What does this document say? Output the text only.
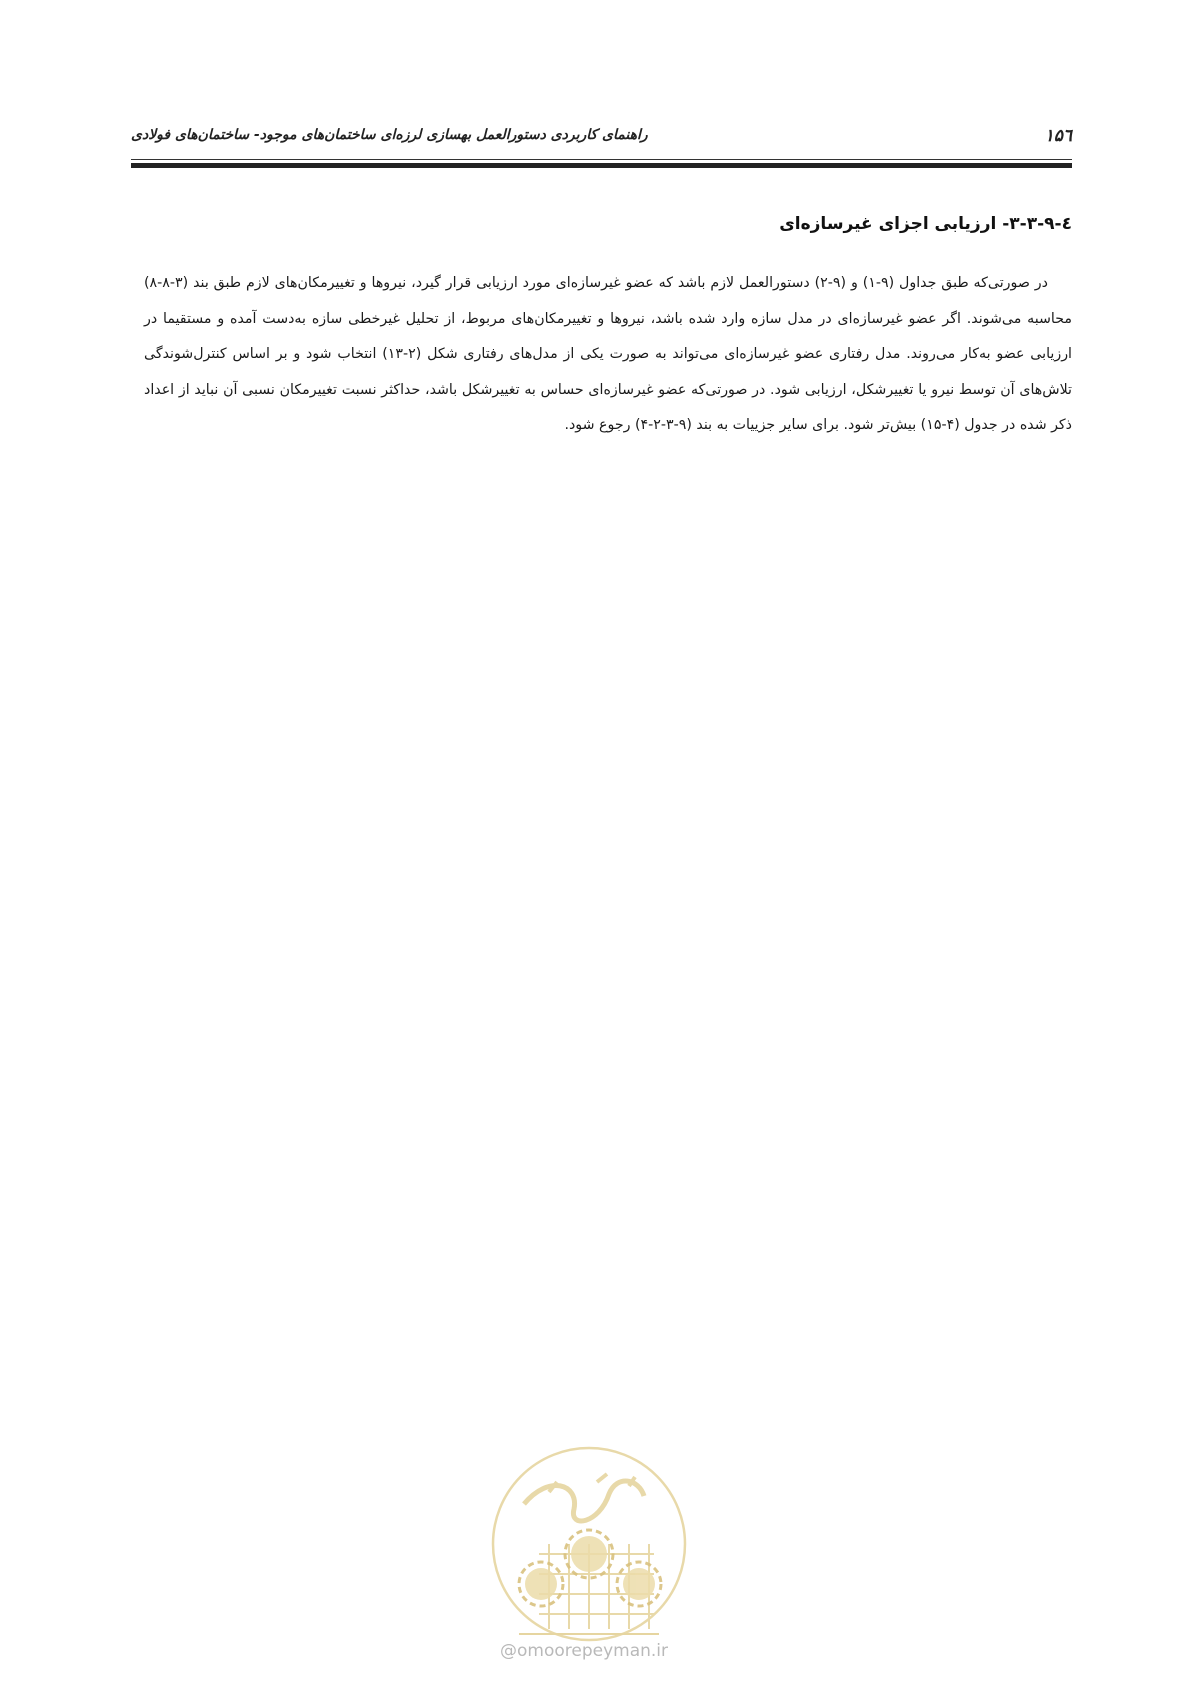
۱۵٦
راهنمای کاربردی دستورالعمل بهسازی لرزه‌ای ساختمان‌های موجود- ساختمان‌های فولادی
٤-۳-۳-۹- ارزیابی اجزای غیرسازه‌ای

در صورتی‌که طبق جداول (۹-۱) و (۹-۲) دستورالعمل لازم باشد که عضو غیرسازه‌ای مورد ارزیابی قرار گیرد، نیروها و تغییرمکان‌های لازم طبق بند (۳-۸-۸) محاسبه می‌شوند. اگر عضو غیرسازه‌ای در مدل سازه وارد شده باشد، نیروها و تغییرمکان‌های مربوط، از تحلیل غیرخطی سازه به‌دست آمده و مستقیما در ارزیابی عضو به‌کار می‌روند. مدل رفتاری عضو غیرسازه‌ای می‌تواند به صورت یکی از مدل‌های رفتاری شکل (۲-۱۳) انتخاب شود و بر اساس کنترل‌شوندگی تلاش‌های آن توسط نیرو یا تغییرشکل، ارزیابی شود. در صورتی‌که عضو غیرسازه‌ای حساس به تغییرشکل باشد، حداکثر نسبت تغییرمکان نسبی آن نباید از اعداد ذکر شده در جدول (۴-۱۵) بیش‌تر شود. برای سایر جزییات به بند (۹-۳-۲-۴) رجوع شود.

@omoorepeyman.ir
